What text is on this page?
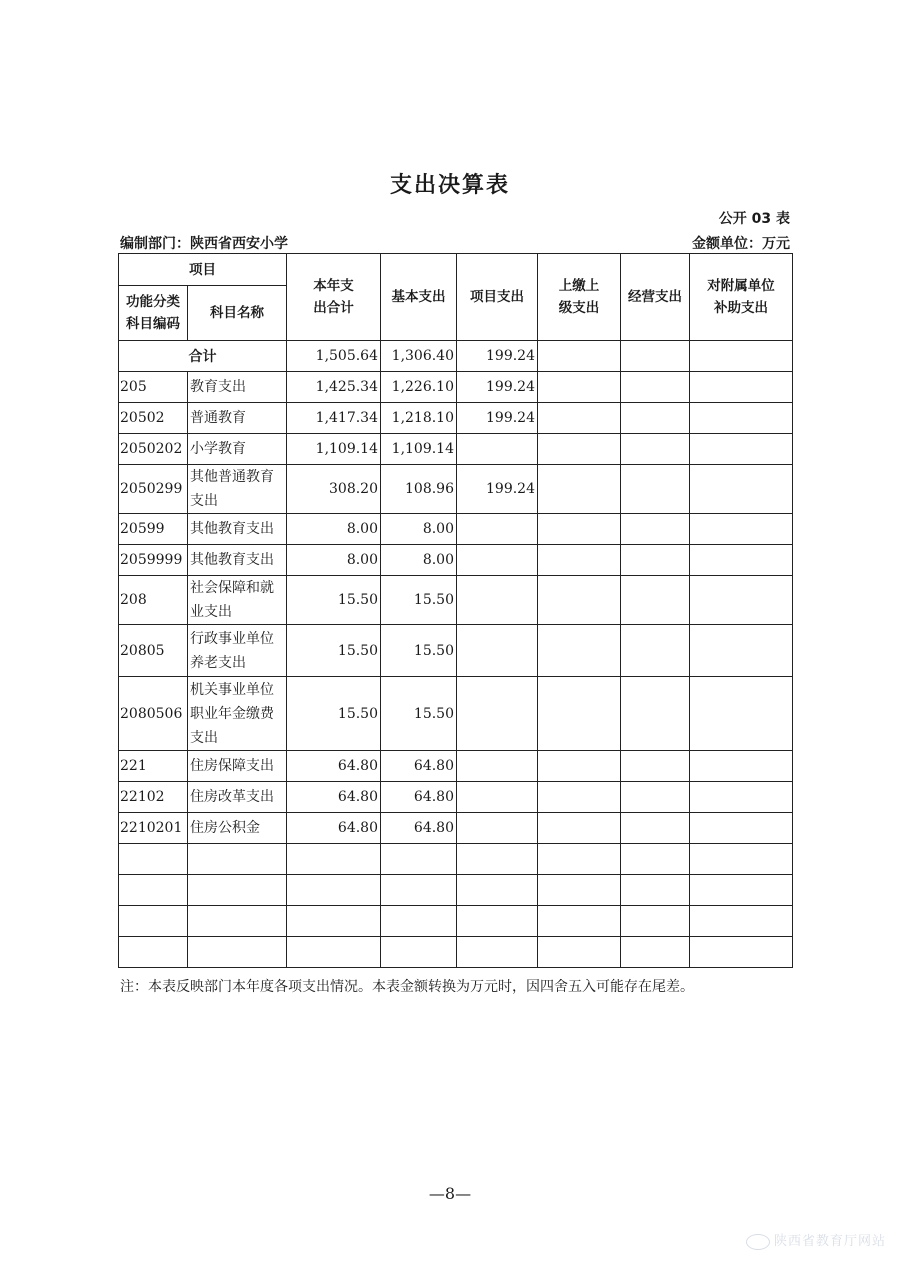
支出决算表
公开 03 表
编制部门：陕西省西安小学	金额单位：万元
项目		本年支出合计	基本支出	项目支出	上缴上级支出	经营支出	对附属单位补助支出

功能分类科目编码	科目名称						
合计		1,505.64	1,306.40	199.24			
205	教育支出	1,425.34	1,226.10	199.24			
20502	普通教育	1,417.34	1,218.10	199.24			
2050202	小学教育	1,109.14	1,109.14				
2050299	其他普通教育支出	308.20	108.96	199.24			
20599	其他教育支出	8.00	8.00				
2059999	其他教育支出	8.00	8.00				
208	社会保障和就业支出	15.50	15.50				
20805	行政事业单位养老支出	15.50	15.50				
2080506	机关事业单位职业年金缴费支出	15.50	15.50				
221	住房保障支出	64.80	64.80				
22102	住房改革支出	64.80	64.80				
2210201	住房公积金	64.80	64.80				

注：本表反映部门本年度各项支出情况。本表金额转换为万元时，因四舍五入可能存在尾差。
—8—
陕西省教育厅网站
